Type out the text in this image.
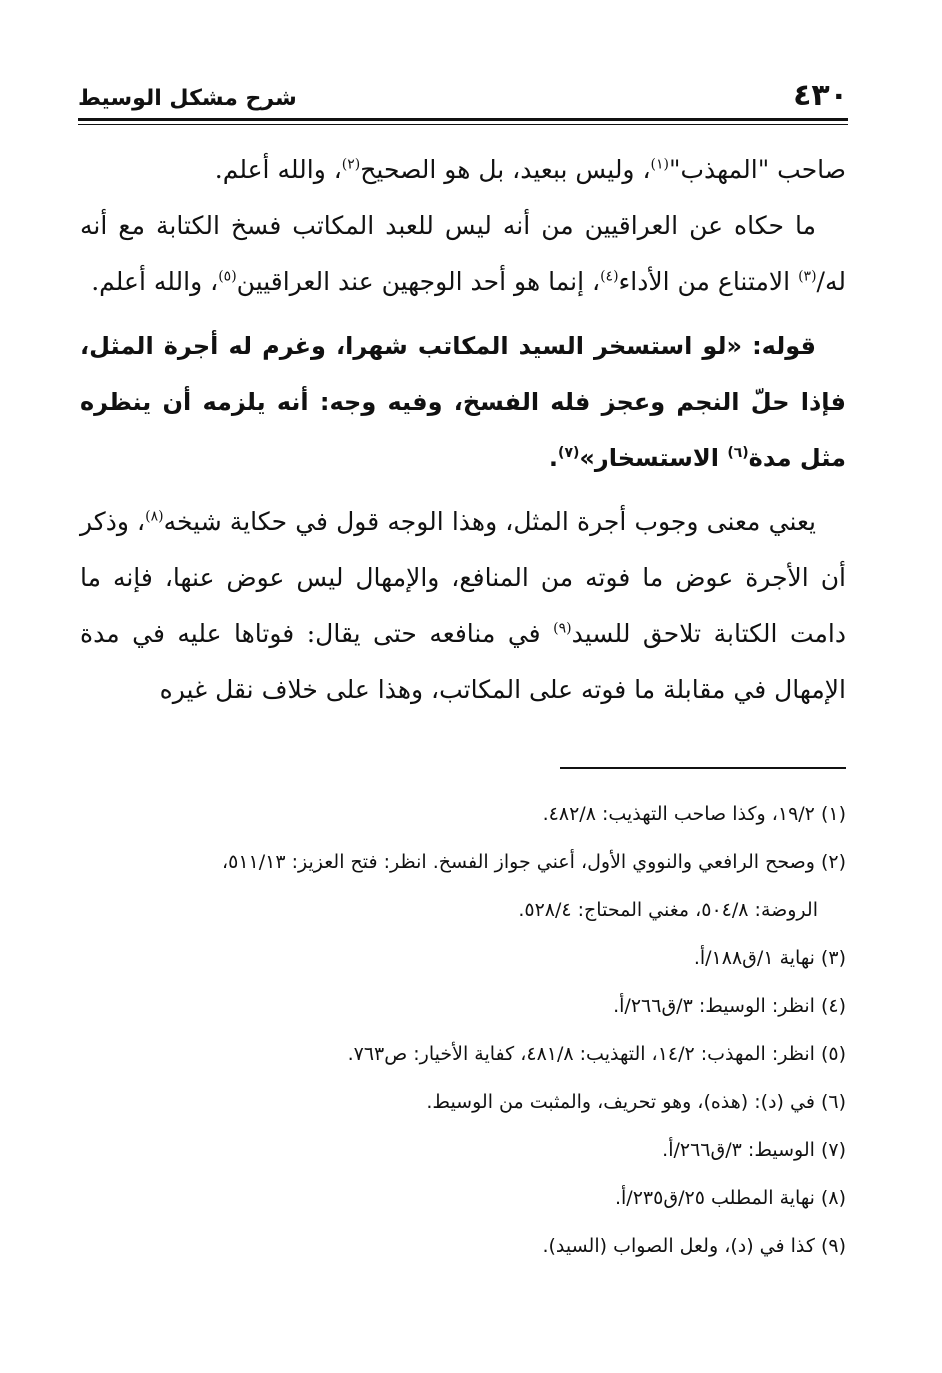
٤٣٠
شرح مشكل الوسيط

صاحب "المهذب"$^{(١)}$، وليس ببعيد، بل هو الصحيح$^{(٢)}$، والله أعلم.

ما حكاه عن العراقيين من أنه ليس للعبد المكاتب فسخ الكتابة مع أنه له/$^{(٣)}$ الامتناع من الأداء$^{(٤)}$، إنما هو أحد الوجهين عند العراقيين$^{(٥)}$، والله أعلم.

قوله: «لو استسخر السيد المكاتب شهرا، وغرم له أجرة المثل، فإذا حلّ النجم وعجز فله الفسخ، وفيه وجه: أنه يلزمه أن ينظره مثل مدة$^{(٦)}$ الاستسخار»$^{(٧)}$.

يعني معنى وجوب أجرة المثل، وهذا الوجه قول في حكاية شيخه$^{(٨)}$، وذكر أن الأجرة عوض ما فوته من المنافع، والإمهال ليس عوض عنها، فإنه ما دامت الكتابة تلاحق للسيد$^{(٩)}$ في منافعه حتى يقال: فوتاها عليه في مدة الإمهال في مقابلة ما فوته على المكاتب، وهذا على خلاف نقل غيره

(١) ١٩/٢، وكذا صاحب التهذيب: ٤٨٢/٨.

(٢) وصحح الرافعي والنووي الأول، أعني جواز الفسخ. انظر: فتح العزيز: ٥١١/١٣،

الروضة: ٥٠٤/٨، مغني المحتاج: ٥٢٨/٤.

(٣) نهاية ١/ق١٨٨/أ.

(٤) انظر: الوسيط: ٣/ق٢٦٦/أ.

(٥) انظر: المهذب: ١٤/٢، التهذيب: ٤٨١/٨، كفاية الأخيار: ص٧٦٣.

(٦) في (د): (هذه)، وهو تحريف، والمثبت من الوسيط.

(٧) الوسيط: ٣/ق٢٦٦/أ.

(٨) نهاية المطلب ٢٥/ق٢٣٥/أ.

(٩) كذا في (د)، ولعل الصواب (السيد).
